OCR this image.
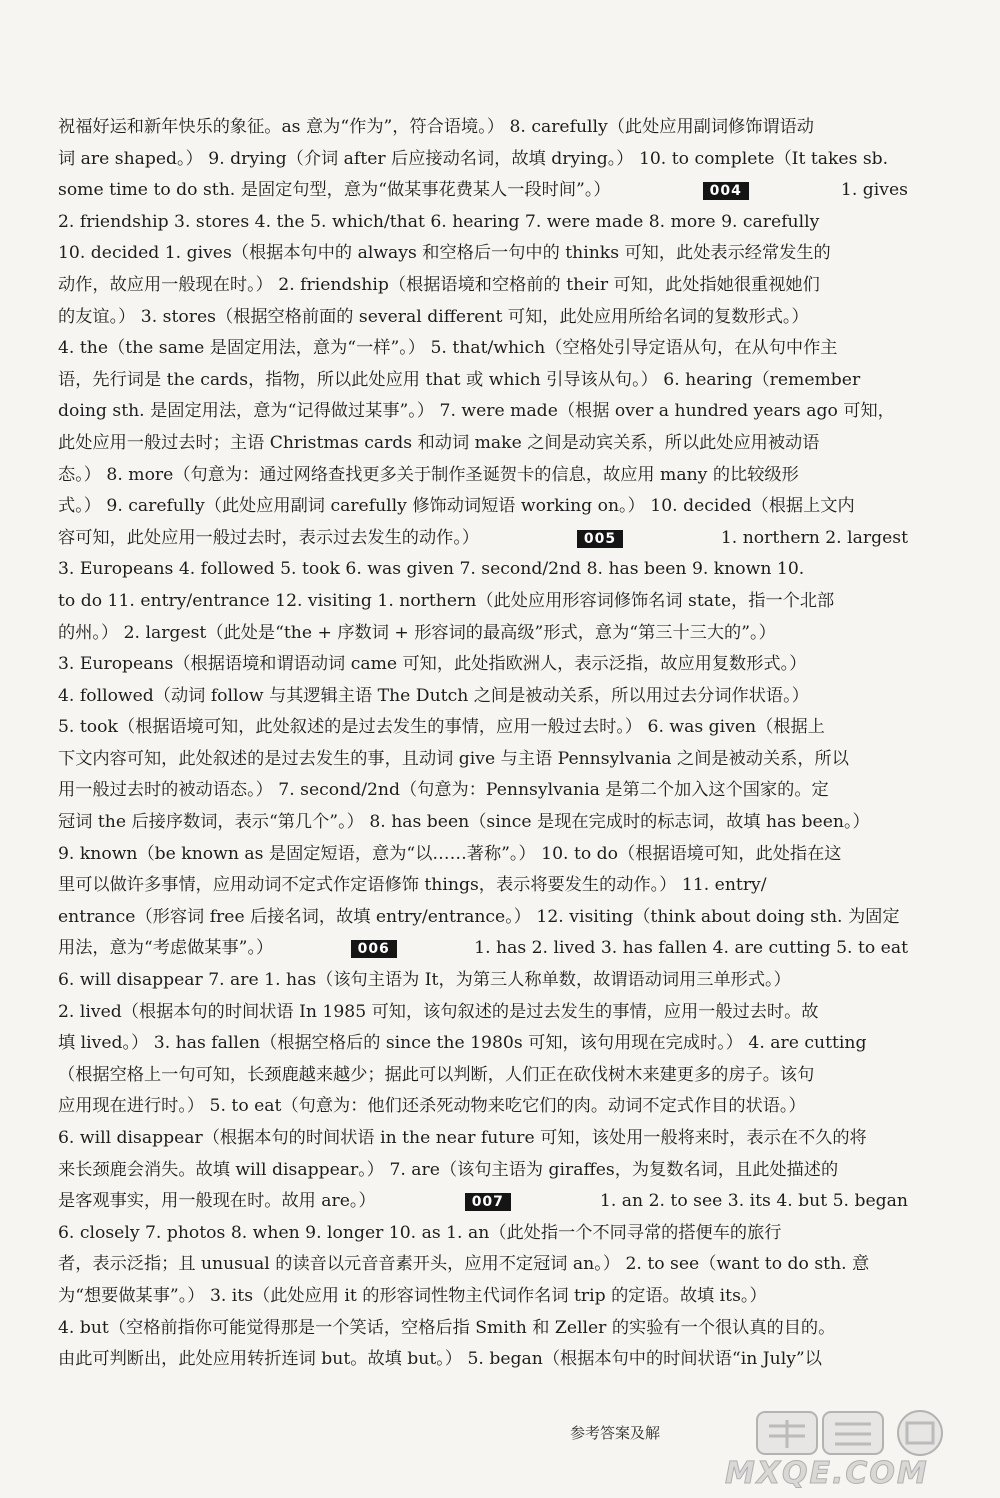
祝福好运和新年快乐的象征。as 意为“作为”，符合语境。） 8. carefully（此处应用副词修饰谓语动
词 are shaped。） 9. drying（介词 after 后应接动名词，故填 drying。） 10. to complete（It takes sb.
some time to do sth. 是固定句型，意为“做某事花费某人一段时间”。）	004	1. gives
2. friendship 3. stores 4. the 5. which/that 6. hearing 7. were made 8. more 9. carefully
10. decided 1. gives（根据本句中的 always 和空格后一句中的 thinks 可知，此处表示经常发生的
动作，故应用一般现在时。） 2. friendship（根据语境和空格前的 their 可知，此处指她很重视她们
的友谊。） 3. stores（根据空格前面的 several different 可知，此处应用所给名词的复数形式。）
4. the（the same 是固定用法，意为“一样”。） 5. that/which（空格处引导定语从句，在从句中作主
语，先行词是 the cards，指物，所以此处应用 that 或 which 引导该从句。） 6. hearing（remember
doing sth. 是固定用法，意为“记得做过某事”。） 7. were made（根据 over a hundred years ago 可知，
此处应用一般过去时；主语 Christmas cards 和动词 make 之间是动宾关系，所以此处应用被动语
态。） 8. more（句意为：通过网络查找更多关于制作圣诞贺卡的信息，故应用 many 的比较级形
式。） 9. carefully（此处应用副词 carefully 修饰动词短语 working on。） 10. decided（根据上文内
容可知，此处应用一般过去时，表示过去发生的动作。）	005	1. northern 2. largest
3. Europeans 4. followed 5. took 6. was given 7. second/2nd 8. has been 9. known 10.
to do 11. entry/entrance 12. visiting 1. northern（此处应用形容词修饰名词 state，指一个北部
的州。） 2. largest（此处是“the + 序数词 + 形容词的最高级”形式，意为“第三十三大的”。）
3. Europeans（根据语境和谓语动词 came 可知，此处指欧洲人，表示泛指，故应用复数形式。）
4. followed（动词 follow 与其逻辑主语 The Dutch 之间是被动关系，所以用过去分词作状语。）
5. took（根据语境可知，此处叙述的是过去发生的事情，应用一般过去时。） 6. was given（根据上
下文内容可知，此处叙述的是过去发生的事，且动词 give 与主语 Pennsylvania 之间是被动关系，所以
用一般过去时的被动语态。） 7. second/2nd（句意为：Pennsylvania 是第二个加入这个国家的。定
冠词 the 后接序数词，表示“第几个”。） 8. has been（since 是现在完成时的标志词，故填 has been。）
9. known（be known as 是固定短语，意为“以……著称”。） 10. to do（根据语境可知，此处指在这
里可以做许多事情，应用动词不定式作定语修饰 things，表示将要发生的动作。） 11. entry/
entrance（形容词 free 后接名词，故填 entry/entrance。） 12. visiting（think about doing sth. 为固定
用法，意为“考虑做某事”。）	006	1. has 2. lived 3. has fallen 4. are cutting 5. to eat
6. will disappear 7. are 1. has（该句主语为 It，为第三人称单数，故谓语动词用三单形式。）
2. lived（根据本句的时间状语 In 1985 可知，该句叙述的是过去发生的事情，应用一般过去时。故
填 lived。） 3. has fallen（根据空格后的 since the 1980s 可知，该句用现在完成时。） 4. are cutting
（根据空格上一句可知，长颈鹿越来越少；据此可以判断，人们正在砍伐树木来建更多的房子。该句
应用现在进行时。） 5. to eat（句意为：他们还杀死动物来吃它们的肉。动词不定式作目的状语。）
6. will disappear（根据本句的时间状语 in the near future 可知，该处用一般将来时，表示在不久的将
来长颈鹿会消失。故填 will disappear。） 7. are（该句主语为 giraffes，为复数名词，且此处描述的
是客观事实，用一般现在时。故用 are。）	007	1. an 2. to see 3. its 4. but 5. began
6. closely 7. photos 8. when 9. longer 10. as 1. an（此处指一个不同寻常的搭便车的旅行
者，表示泛指；且 unusual 的读音以元音音素开头，应用不定冠词 an。） 2. to see（want to do sth. 意
为“想要做某事”。） 3. its（此处应用 it 的形容词性物主代词作名词 trip 的定语。故填 its。）
4. but（空格前指你可能觉得那是一个笑话，空格后指 Smith 和 Zeller 的实验有一个很认真的目的。
由此可判断出，此处应用转折连词 but。故填 but。） 5. began（根据本句中的时间状语“in July”以
参考答案及解
MXQE.COM
